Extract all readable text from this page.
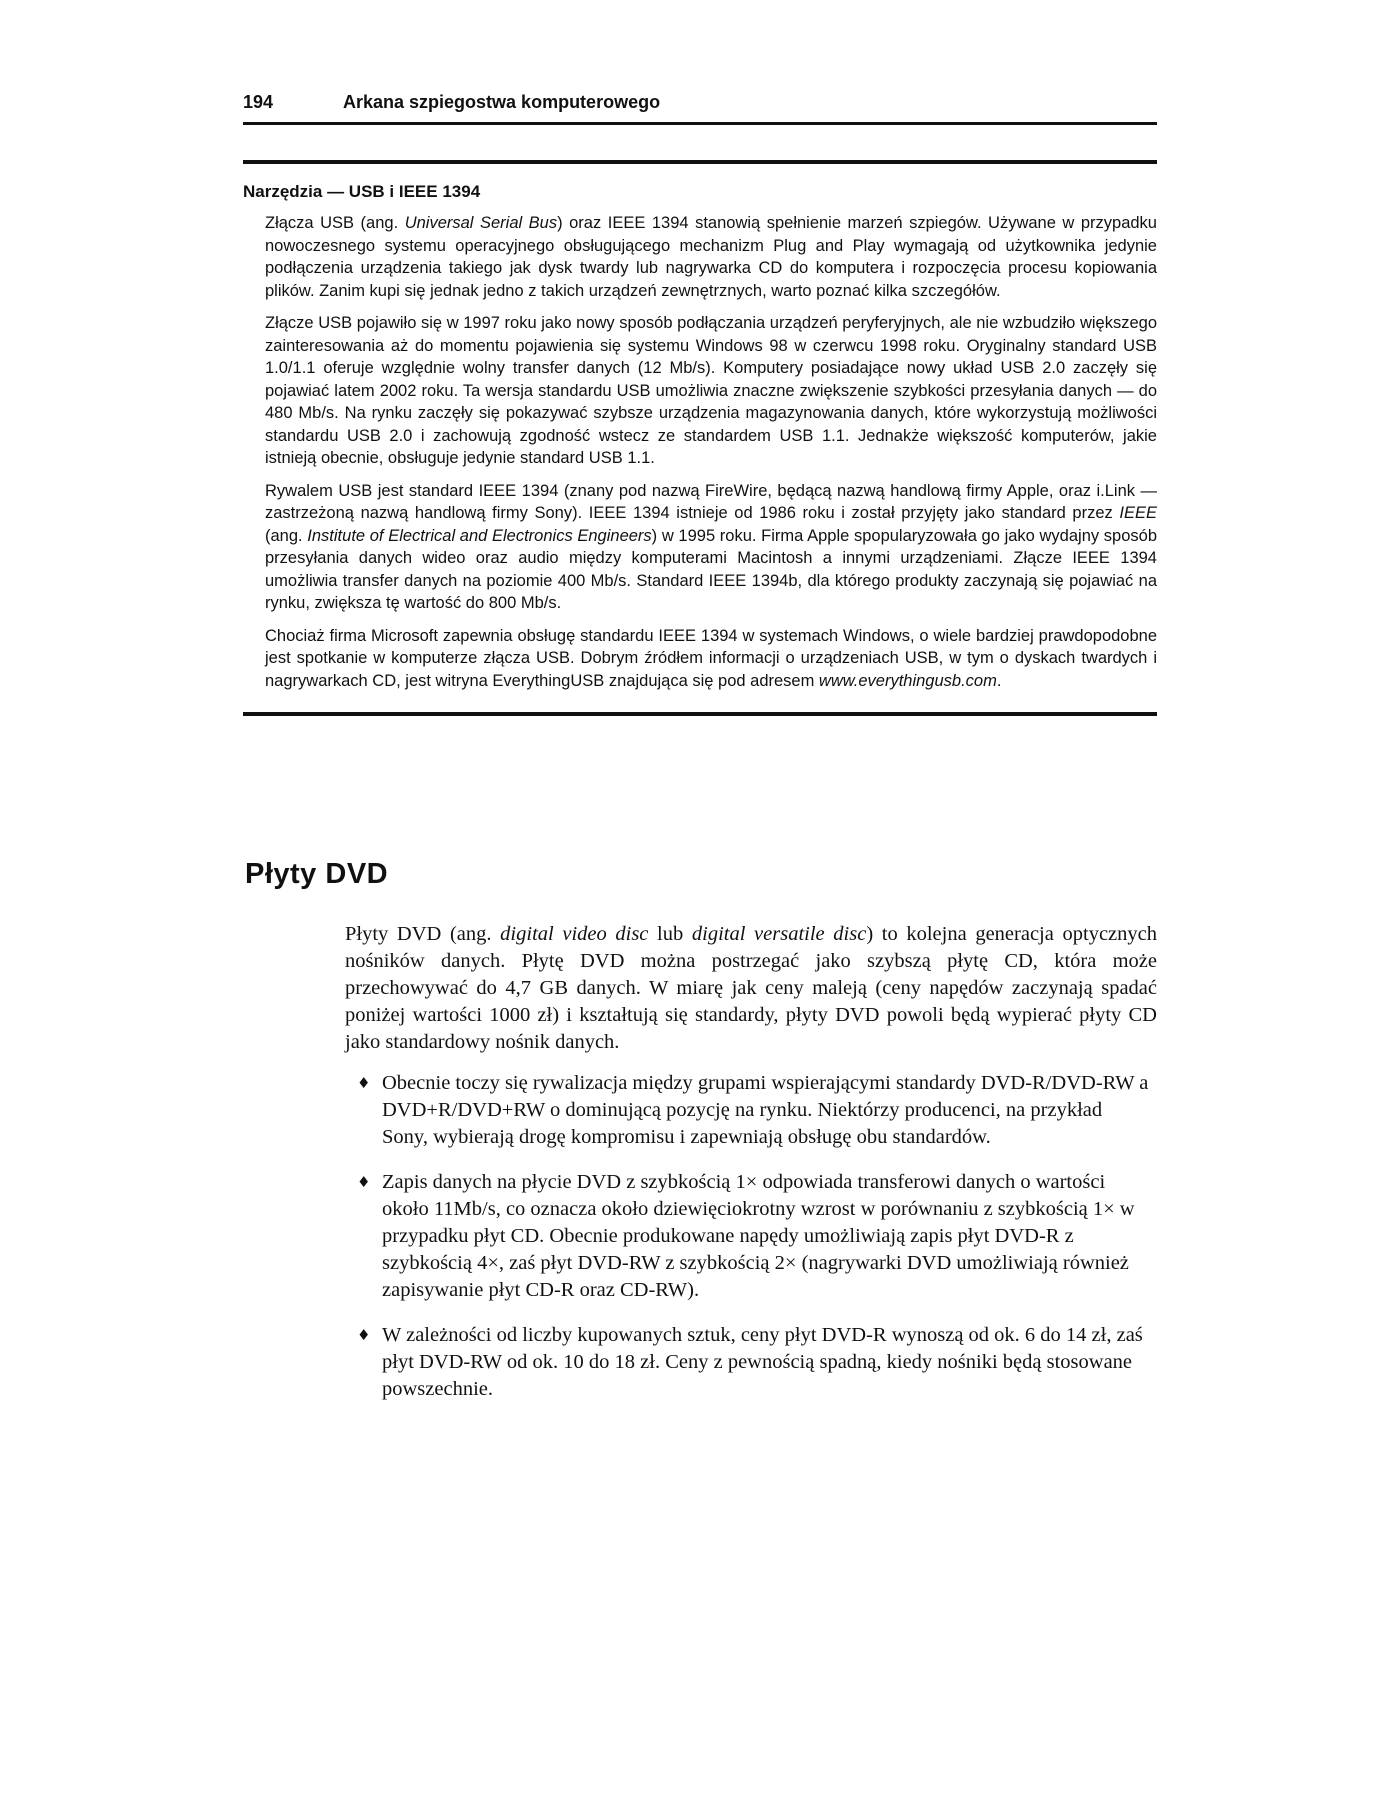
194	Arkana szpiegostwa komputerowego
Narzędzia — USB i IEEE 1394

Złącza USB (ang. Universal Serial Bus) oraz IEEE 1394 stanowią spełnienie marzeń szpiegów. Używane w przypadku nowoczesnego systemu operacyjnego obsługującego mechanizm Plug and Play wymagają od użytkownika jedynie podłączenia urządzenia takiego jak dysk twardy lub nagrywarka CD do komputera i rozpoczęcia procesu kopiowania plików. Zanim kupi się jednak jedno z takich urządzeń zewnętrznych, warto poznać kilka szczegółów.

Złącze USB pojawiło się w 1997 roku jako nowy sposób podłączania urządzeń peryferyjnych, ale nie wzbudziło większego zainteresowania aż do momentu pojawienia się systemu Windows 98 w czerwcu 1998 roku. Oryginalny standard USB 1.0/1.1 oferuje względnie wolny transfer danych (12 Mb/s). Komputery posiadające nowy układ USB 2.0 zaczęły się pojawiać latem 2002 roku. Ta wersja standardu USB umożliwia znaczne zwiększenie szybkości przesyłania danych — do 480 Mb/s. Na rynku zaczęły się pokazywać szybsze urządzenia magazynowania danych, które wykorzystują możliwości standardu USB 2.0 i zachowują zgodność wstecz ze standardem USB 1.1. Jednakże większość komputerów, jakie istnieją obecnie, obsługuje jedynie standard USB 1.1.

Rywalem USB jest standard IEEE 1394 (znany pod nazwą FireWire, będącą nazwą handlową firmy Apple, oraz i.Link — zastrzeżoną nazwą handlową firmy Sony). IEEE 1394 istnieje od 1986 roku i został przyjęty jako standard przez IEEE (ang. Institute of Electrical and Electronics Engineers) w 1995 roku. Firma Apple spopularyzowała go jako wydajny sposób przesyłania danych wideo oraz audio między komputerami Macintosh a innymi urządzeniami. Złącze IEEE 1394 umożliwia transfer danych na poziomie 400 Mb/s. Standard IEEE 1394b, dla którego produkty zaczynają się pojawiać na rynku, zwiększa tę wartość do 800 Mb/s.

Chociaż firma Microsoft zapewnia obsługę standardu IEEE 1394 w systemach Windows, o wiele bardziej prawdopodobne jest spotkanie w komputerze złącza USB. Dobrym źródłem informacji o urządzeniach USB, w tym o dyskach twardych i nagrywarkach CD, jest witryna EverythingUSB znajdująca się pod adresem www.everythingusb.com.

Płyty DVD

Płyty DVD (ang. digital video disc lub digital versatile disc) to kolejna generacja optycznych nośników danych. Płytę DVD można postrzegać jako szybszą płytę CD, która może przechowywać do 4,7 GB danych. W miarę jak ceny maleją (ceny napędów zaczynają spadać poniżej wartości 1000 zł) i kształtują się standardy, płyty DVD powoli będą wypierać płyty CD jako standardowy nośnik danych.

♦ Obecnie toczy się rywalizacja między grupami wspierającymi standardy DVD-R/DVD-RW a DVD+R/DVD+RW o dominującą pozycję na rynku. Niektórzy producenci, na przykład Sony, wybierają drogę kompromisu i zapewniają obsługę obu standardów.
♦ Zapis danych na płycie DVD z szybkością 1× odpowiada transferowi danych o wartości około 11Mb/s, co oznacza około dziewięciokrotny wzrost w porównaniu z szybkością 1× w przypadku płyt CD. Obecnie produkowane napędy umożliwiają zapis płyt DVD-R z szybkością 4×, zaś płyt DVD-RW z szybkością 2× (nagrywarki DVD umożliwiają również zapisywanie płyt CD-R oraz CD-RW).
♦ W zależności od liczby kupowanych sztuk, ceny płyt DVD-R wynoszą od ok. 6 do 14 zł, zaś płyt DVD-RW od ok. 10 do 18 zł. Ceny z pewnością spadną, kiedy nośniki będą stosowane powszechnie.
